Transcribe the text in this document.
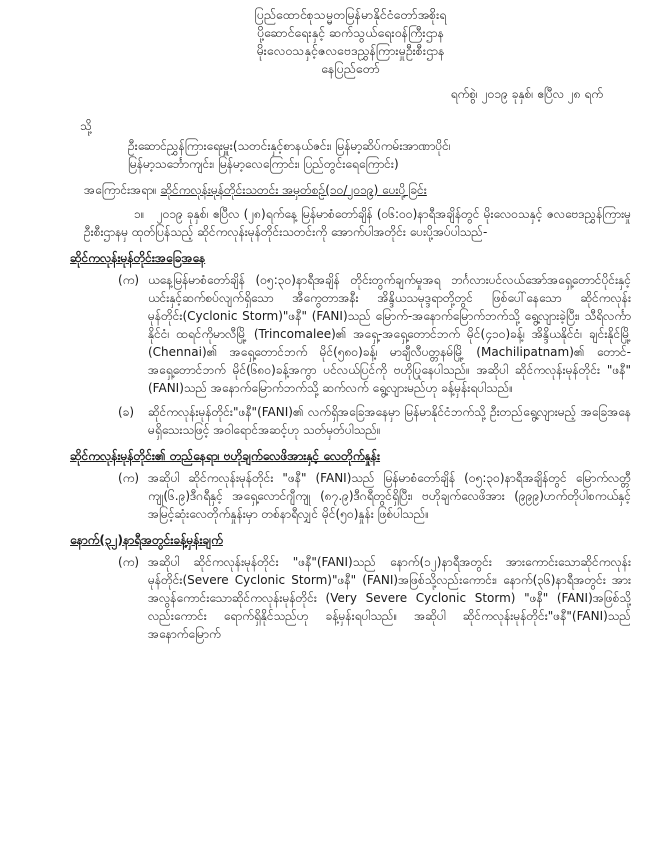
ပြည်ထောင်စုသမ္မတမြန်မာနိုင်ငံတော်အစိုးရ
ပို့ဆောင်ရေးနှင့် ဆက်သွယ်ရေးဝန်ကြီးဌာန
မိုးလေဝသနှင့်ဇလဗေဒညွှန်ကြားမှုဦးစီးဌာန
နေပြည်တော်
ရက်စွဲ၊ ၂၀၁၉ ခုနှစ်၊ ဧပြီလ ၂၈ ရက်
သို့
ဦးဆောင်ညွှန်ကြားရေးမှူး(သတင်းနှင့်စာနယ်ဇင်း၊ မြန်မာ့ဆိပ်ကမ်းအာဏာပိုင်၊
မြန်မာ့သင်္ဘောကျင်း၊ မြန်မာ့လေကြောင်း၊ ပြည်တွင်းရေကြောင်း)
အကြောင်းအရာ။ ဆိုင်ကလုန်းမုန်တိုင်းသတင်း အမှတ်စဉ်(၁၀/၂၀၁၉) ပေးပို့ခြင်း
၁။ ၂၀၁၉ ခုနှစ်၊ ဧပြီလ (၂၈)ရက်နေ့ မြန်မာစံတော်ချိန် (၀၆:၀၀)နာရီအချိန်တွင် မိုးလေဝသနှင့် ဇလဗေဒညွှန်ကြားမှုဦးစီးဌာနမှ ထုတ်ပြန်သည့် ဆိုင်ကလုန်းမုန်တိုင်းသတင်းကို အောက်ပါအတိုင်း ပေးပို့အပ်ပါသည်-
ဆိုင်ကလုန်းမုန်တိုင်းအခြေအနေ
(က) ယနေ့မြန်မာစံတော်ချိန် (၀၅:၃၀)နာရီအချိန် တိုင်းတွက်ချက်မှုအရ ဘင်္ဂလားပင်လယ်အော်အရှေ့တောင်ပိုင်းနှင့် ယင်းနှင့်ဆက်စပ်လျက်ရှိသော အီကွေတာအနီး အိန္ဒိယသမုဒ္ဒရာတို့တွင် ဖြစ်ပေါ်နေသော ဆိုင်ကလုန်းမုန်တိုင်း(Cyclonic Storm)"ဖနီ" (FANI)သည် မြောက်-အနောက်မြောက်ဘက်သို့ ရွေ့လျားခဲ့ပြီး၊ သီရိလင်္ကာနိုင်ငံ၊ ထရင်ကိုမာလီမြို့ (Trincomalee)၏ အရှေ့-အရှေ့တောင်ဘက် မိုင်(၄၁၀)ခန့်၊ အိန္ဒိယနိုင်ငံ၊ ချင်းနိုင်မြို့ (Chennai)၏ အရှေ့တောင်ဘက် မိုင်(၅၈၀)ခန့်၊ မာချီလီပတ္တနမ်မြို့ (Machilipatnam)၏ တောင်-အရှေ့တောင်ဘက် မိုင်(၆၈၀)ခန့်အကွာ ပင်လယ်ပြင်ကို ဗဟိုပြုနေပါသည်။ အဆိုပါ ဆိုင်ကလုန်းမုန်တိုင်း "ဖနီ"(FANI)သည် အနောက်မြောက်ဘက်သို့ ဆက်လက် ရွေ့လျားမည်ဟု ခန့်မှန်းရပါသည်။
(ခ)	ဆိုင်ကလုန်းမုန်တိုင်း"ဖနီ"(FANI)၏ လက်ရှိအခြေအနေမှာ မြန်မာနိုင်ငံဘက်သို့ ဦးတည်ရွေ့လျားမည့် အခြေအနေမရှိသေးသဖြင့် အဝါရောင်အဆင့်ဟု သတ်မှတ်ပါသည်။
ဆိုင်ကလုန်းမုန်တိုင်း၏ တည်နေရာ၊ ဗဟိုချက်လေဖိအားနှင့် လေတိုက်နှုန်း
(က) အဆိုပါ ဆိုင်ကလုန်းမုန်တိုင်း "ဖနီ" (FANI)သည် မြန်မာစံတော်ချိန် (၀၅:၃၀)နာရီအချိန်တွင် မြောက်လတ္တီကျု(၆.၉)ဒီဂရီနှင့် အရှေ့လောင်ဂျီကျု (၈၇.၉)ဒီဂရီတွင်ရှိပြီး၊ ဗဟိုချက်လေဖိအား (၉၉၉)ဟက်တိုပါစကယ်နှင့် အမြင့်ဆုံးလေတိုက်နှုန်းမှာ တစ်နာရီလျှင် မိုင်(၅၀)နှုန်း ဖြစ်ပါသည်။
နောက်(၃၂)နာရီအတွင်းခန့်မှန်းချက်
(က) အဆိုပါ ဆိုင်ကလုန်းမုန်တိုင်း "ဖနီ"(FANI)သည် နောက်(၁၂)နာရီအတွင်း အားကောင်းသောဆိုင်ကလုန်းမုန်တိုင်း(Severe Cyclonic Storm)"ဖနီ" (FANI)အဖြစ်သို့လည်းကောင်း၊ နောက်(၃၆)နာရီအတွင်း အားအလွန်ကောင်းသောဆိုင်ကလုန်းမုန်တိုင်း (Very Severe Cyclonic Storm) "ဖနီ" (FANI)အဖြစ်သို့လည်းကောင်း ရောက်ရှိနိုင်သည်ဟု ခန့်မှန်းရပါသည်။ အဆိုပါ ဆိုင်ကလုန်းမုန်တိုင်း"ဖနီ"(FANI)သည် အနောက်မြောက်
